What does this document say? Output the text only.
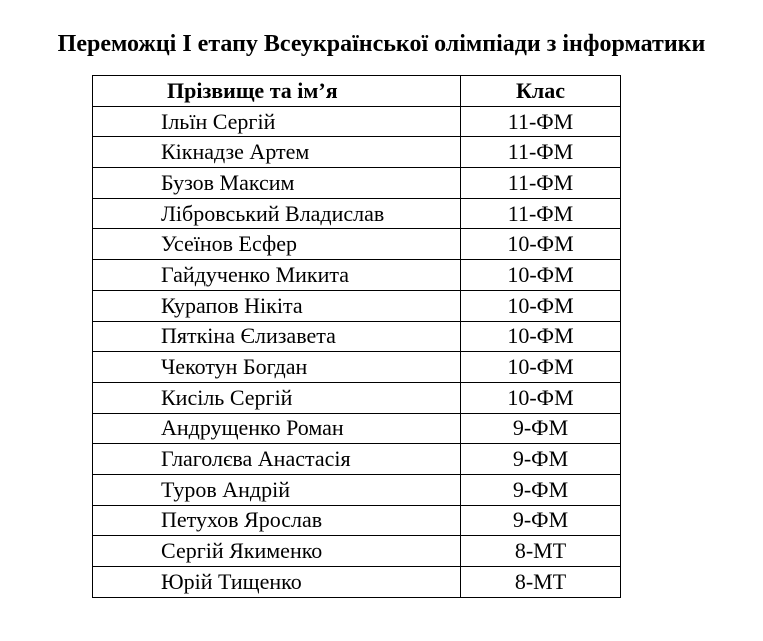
Переможці І етапу Всеукраїнської олімпіади з інформатики
Прізвище та ім’я	Клас
Ільїн Сергій	11-ФМ
Кікнадзе Артем	11-ФМ
Бузов Максим	11-ФМ
Лібровський Владислав	11-ФМ
Усеїнов Есфер	10-ФМ
Гайдученко Микита	10-ФМ
Курапов Нікіта	10-ФМ
Пяткіна Єлизавета	10-ФМ
Чекотун Богдан	10-ФМ
Кисіль Сергій	10-ФМ
Андрущенко Роман	9-ФМ
Глаголєва Анастасія	9-ФМ
Туров Андрій	9-ФМ
Петухов Ярослав	9-ФМ
Сергій Якименко	8-МТ
Юрій Тищенко	8-МТ
